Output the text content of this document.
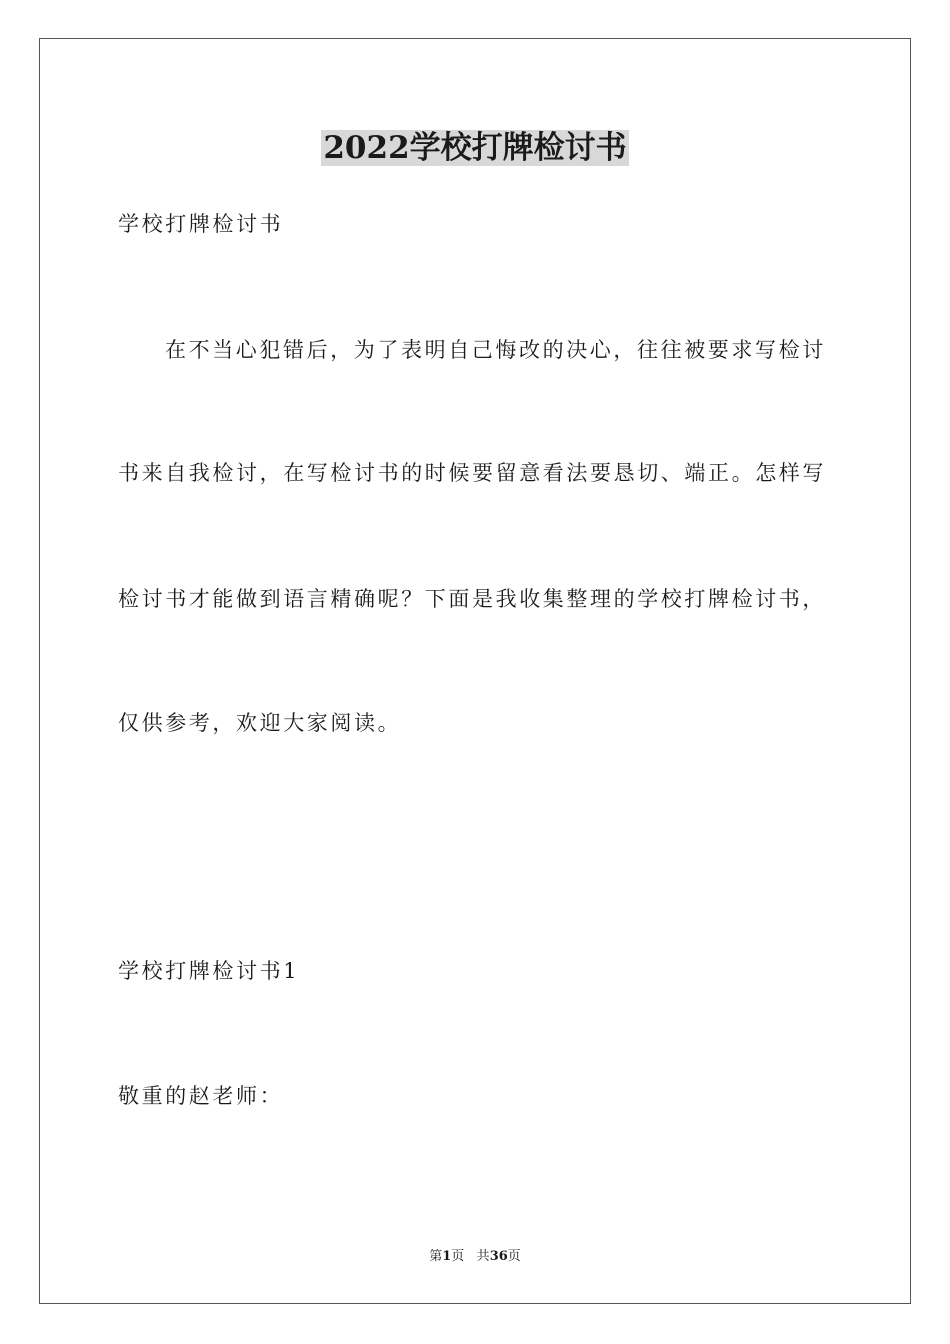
2022学校打牌检讨书
学校打牌检讨书
在不当心犯错后，为了表明自己悔改的决心，往往被要求写检讨
书来自我检讨，在写检讨书的时候要留意看法要恳切、端正。怎样写
检讨书才能做到语言精确呢？下面是我收集整理的学校打牌检讨书，
仅供参考，欢迎大家阅读。
学校打牌检讨书1
敬重的赵老师：
第1页 共36页
